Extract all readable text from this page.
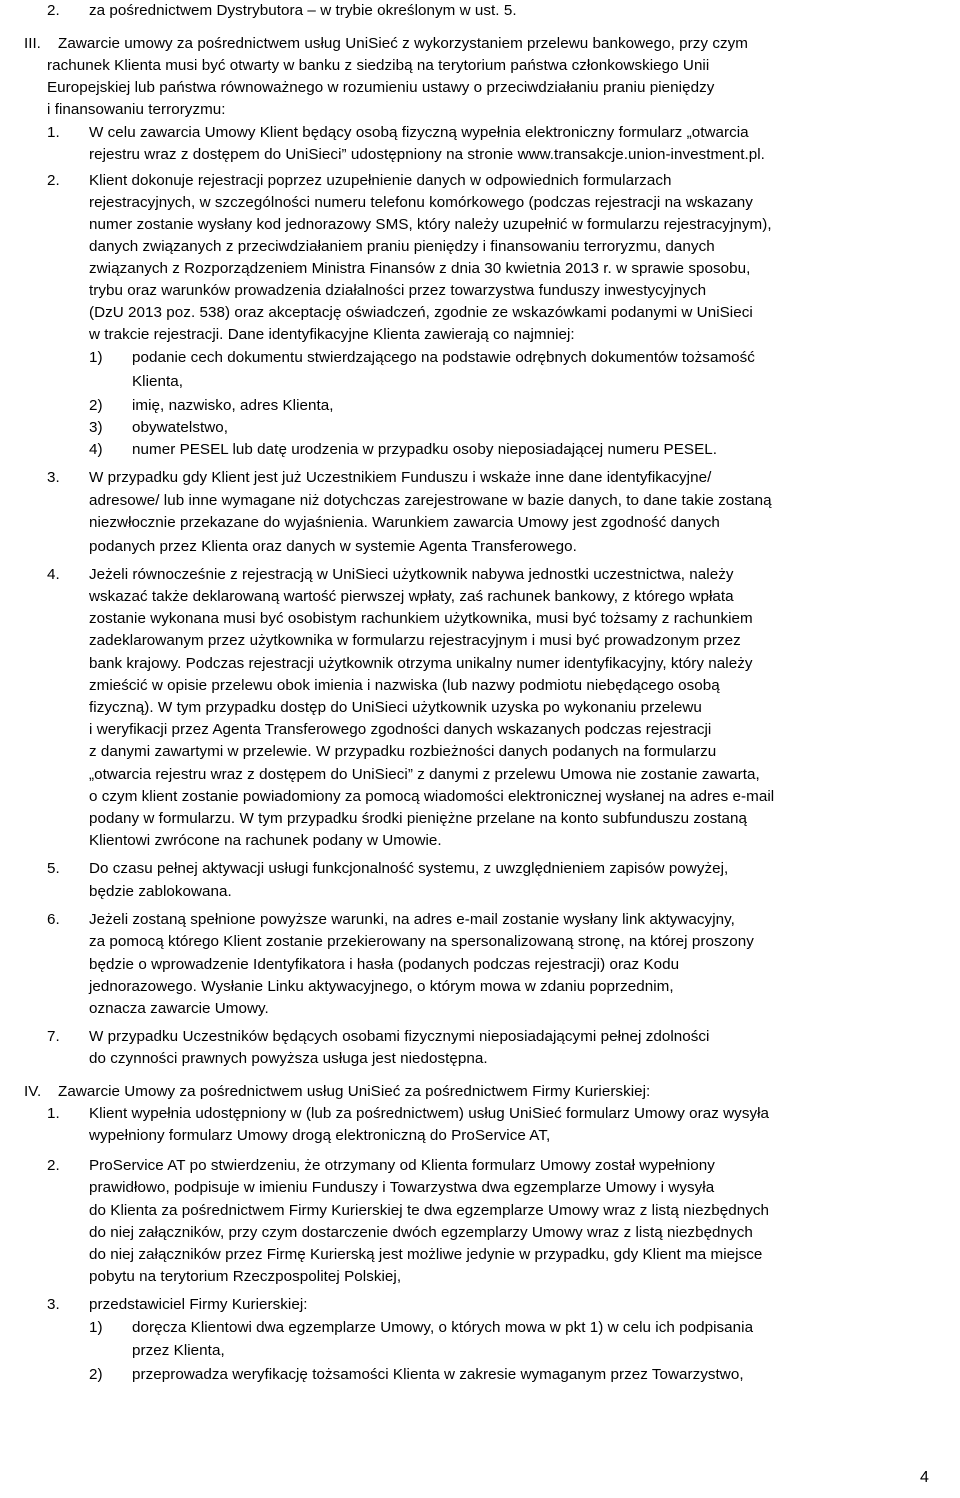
2. za pośrednictwem Dystrybutora – w trybie określonym w ust. 5.
III. Zawarcie umowy za pośrednictwem usług UniSieć z wykorzystaniem przelewu bankowego, przy czym
rachunek Klienta musi być otwarty w banku z siedzibą na terytorium państwa członkowskiego Unii
Europejskiej lub państwa równoważnego w rozumieniu ustawy o przeciwdziałaniu praniu pieniędzy
i finansowaniu terroryzmu:
1. W celu zawarcia Umowy Klient będący osobą fizyczną wypełnia elektroniczny formularz „otwarcia
rejestru wraz z dostępem do UniSieci” udostępniony na stronie www.transakcje.union-investment.pl.
2. Klient dokonuje rejestracji poprzez uzupełnienie danych w odpowiednich formularzach
rejestracyjnych, w szczególności numeru telefonu komórkowego (podczas rejestracji na wskazany
numer zostanie wysłany kod jednorazowy SMS, który należy uzupełnić w formularzu rejestracyjnym),
danych związanych z przeciwdziałaniem praniu pieniędzy i finansowaniu terroryzmu, danych
związanych z Rozporządzeniem Ministra Finansów z dnia 30 kwietnia 2013 r. w sprawie sposobu,
trybu oraz warunków prowadzenia działalności przez towarzystwa funduszy inwestycyjnych
(DzU 2013 poz. 538) oraz akceptację oświadczeń, zgodnie ze wskazówkami podanymi w UniSieci
w trakcie rejestracji. Dane identyfikacyjne Klienta zawierają co najmniej:
1) podanie cech dokumentu stwierdzającego na podstawie odrębnych dokumentów tożsamość
Klienta,
2) imię, nazwisko, adres Klienta,
3) obywatelstwo,
4) numer PESEL lub datę urodzenia w przypadku osoby nieposiadającej numeru PESEL.
3. W przypadku gdy Klient jest już Uczestnikiem Funduszu i wskaże inne dane identyfikacyjne/
adresowe/ lub inne wymagane niż dotychczas zarejestrowane w bazie danych, to dane takie zostaną
niezwłocznie przekazane do wyjaśnienia. Warunkiem zawarcia Umowy jest zgodność danych
podanych przez Klienta oraz danych w systemie Agenta Transferowego.
4. Jeżeli równocześnie z rejestracją w UniSieci użytkownik nabywa jednostki uczestnictwa, należy
wskazać także deklarowaną wartość pierwszej wpłaty, zaś rachunek bankowy, z którego wpłata
zostanie wykonana musi być osobistym rachunkiem użytkownika, musi być tożsamy z rachunkiem
zadeklarowanym przez użytkownika w formularzu rejestracyjnym i musi być prowadzonym przez
bank krajowy. Podczas rejestracji użytkownik otrzyma unikalny numer identyfikacyjny, który należy
zmieścić w opisie przelewu obok imienia i nazwiska (lub nazwy podmiotu niebędącego osobą
fizyczną). W tym przypadku dostęp do UniSieci użytkownik uzyska po wykonaniu przelewu
i weryfikacji przez Agenta Transferowego zgodności danych wskazanych podczas rejestracji
z danymi zawartymi w przelewie. W przypadku rozbieżności danych podanych na formularzu
„otwarcia rejestru wraz z dostępem do UniSieci” z danymi z przelewu Umowa nie zostanie zawarta,
o czym klient zostanie powiadomiony za pomocą wiadomości elektronicznej wysłanej na adres e-mail
podany w formularzu. W tym przypadku środki pieniężne przelane na konto subfunduszu zostaną
Klientowi zwrócone na rachunek podany w Umowie.
5. Do czasu pełnej aktywacji usługi funkcjonalność systemu, z uwzględnieniem zapisów powyżej,
będzie zablokowana.
6. Jeżeli zostaną spełnione powyższe warunki, na adres e-mail zostanie wysłany link aktywacyjny,
za pomocą którego Klient zostanie przekierowany na spersonalizowaną stronę, na której proszony
będzie o wprowadzenie Identyfikatora i hasła (podanych podczas rejestracji) oraz Kodu
jednorazowego. Wysłanie Linku aktywacyjnego, o którym mowa w zdaniu poprzednim,
oznacza zawarcie Umowy.
7. W przypadku Uczestników będących osobami fizycznymi nieposiadającymi pełnej zdolności
do czynności prawnych powyższa usługa jest niedostępna.
IV. Zawarcie Umowy za pośrednictwem usług UniSieć za pośrednictwem Firmy Kurierskiej:
1. Klient wypełnia udostępniony w (lub za pośrednictwem) usług UniSieć formularz Umowy oraz wysyła
wypełniony formularz Umowy drogą elektroniczną do ProService AT,
2. ProService AT po stwierdzeniu, że otrzymany od Klienta formularz Umowy został wypełniony
prawidłowo, podpisuje w imieniu Funduszy i Towarzystwa dwa egzemplarze Umowy i wysyła
do Klienta za pośrednictwem Firmy Kurierskiej te dwa egzemplarze Umowy wraz z listą niezbędnych
do niej załączników, przy czym dostarczenie dwóch egzemplarzy Umowy wraz z listą niezbędnych
do niej załączników przez Firmę Kurierską jest możliwe jedynie w przypadku, gdy Klient ma miejsce
pobytu na terytorium Rzeczpospolitej Polskiej,
3. przedstawiciel Firmy Kurierskiej:
1) doręcza Klientowi dwa egzemplarze Umowy, o których mowa w pkt 1) w celu ich podpisania
przez Klienta,
2) przeprowadza weryfikację tożsamości Klienta w zakresie wymaganym przez Towarzystwo,
4
